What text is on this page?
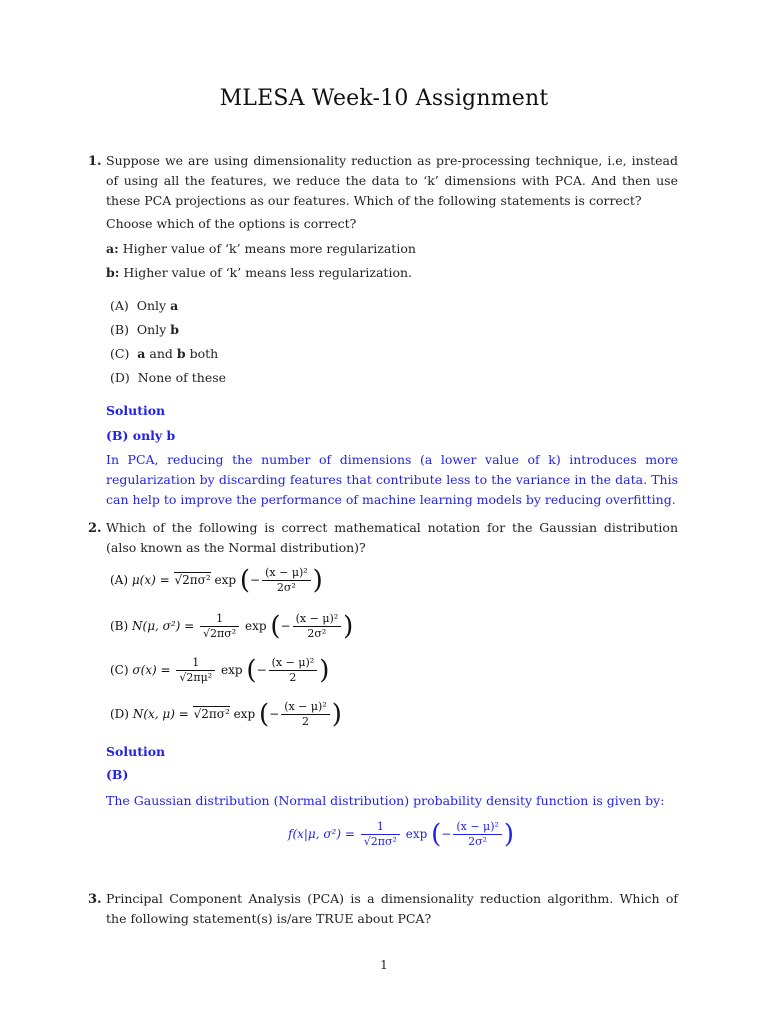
MLESA Week-10 Assignment
1. Suppose we are using dimensionality reduction as pre-processing technique, i.e, instead of using all the features, we reduce the data to ‘k’ dimensions with PCA. And then use these PCA projections as our features. Which of the following statements is correct?
Choose which of the options is correct?
a: Higher value of ‘k’ means more regularization
b: Higher value of ‘k’ means less regularization.
(A) Only a
(B) Only b
(C) a and b both
(D) None of these
Solution
(B) only b
In PCA, reducing the number of dimensions (a lower value of k) introduces more regularization by discarding features that contribute less to the variance in the data. This can help to improve the performance of machine learning models by reducing overfitting.
2. Which of the following is correct mathematical notation for the Gaussian distribution (also known as the Normal distribution)?
(A) μ(x) = √2πσ² exp (− $\frac{\text{(x − μ)²}}{\text{2σ²}}$ )
(B) N(μ, $\sigma^2) = \frac{1}{\text{√2πσ²}}$ exp (− $\frac{\text{(x − μ)²}}{\text{2σ²}}$ )
(C) $\sigma(x) = \frac{1}{\text{√2πμ²}}$ exp (− $\frac{\text{(x − μ)²}}{2}$ )
(D) N(x, μ) = √2πσ² exp (− $\frac{\text{(x − μ)²}}{2}$ )
Solution
(B)
The Gaussian distribution (Normal distribution) probability density function is given by:
f(x|μ, $\sigma^2) = \frac{1}{\text{√2πσ²}}$ exp (− $\frac{\text{(x − μ)²}}{\text{2σ²}}$ )
3. Principal Component Analysis (PCA) is a dimensionality reduction algorithm. Which of the following statement(s) is/are TRUE about PCA?
1
